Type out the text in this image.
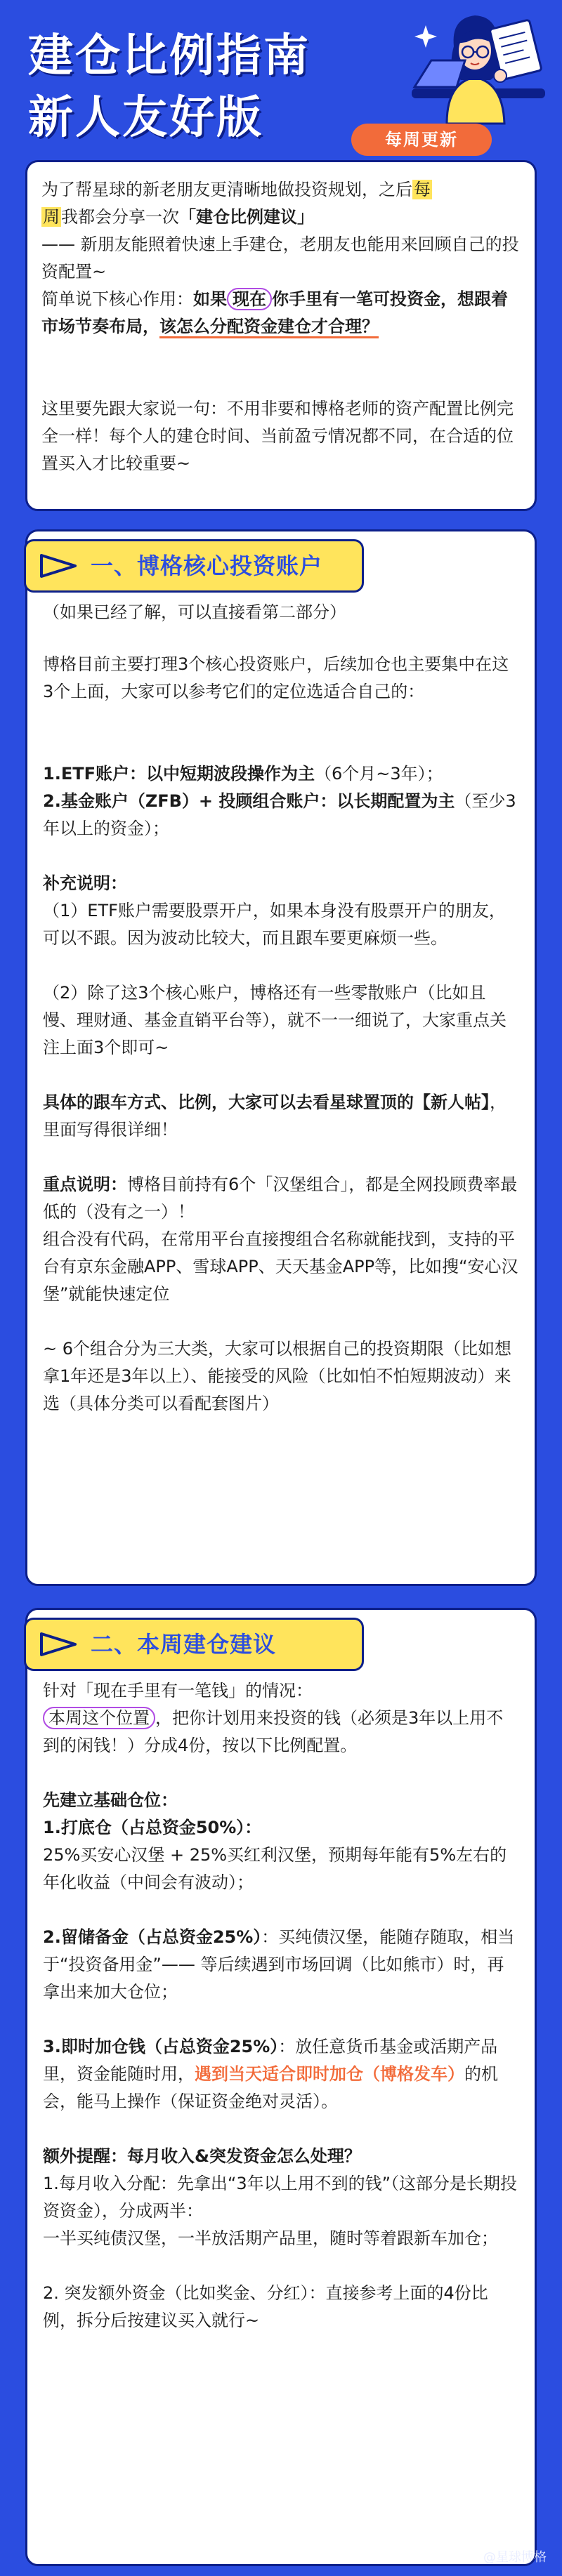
建仓比例指南
新人友好版	每周更新

为了帮星球的新老朋友更清晰地做投资规划，之后每
周我都会分享一次「建仓比例建议」

—— 新朋友能照着快速上手建仓，老朋友也能用来回顾自己的投资配置~

简单说下核心作用：如果 现在 你手里有一笔可投资金，想跟着市场节奏布局，该怎么分配资金建仓才合理？

这里要先跟大家说一句：不用非要和博格老师的资产配置比例完全一样！每个人的建仓时间、当前盈亏情况都不同，在合适的位置买入才比较重要~

（如果已经了解，可以直接看第二部分）

博格目前主要打理3个核心投资账户，后续加仓也主要集中在这3个上面，大家可以参考它们的定位选适合自己的：

1.ETF账户：以中短期波段操作为主（6个月~3年）；

2.基金账户（ZFB）+ 投顾组合账户：以长期配置为主（至少3年以上的资金）；

补充说明：

（1）ETF账户需要股票开户，如果本身没有股票开户的朋友，可以不跟。因为波动比较大，而且跟车要更麻烦一些。

（2）除了这3个核心账户，博格还有一些零散账户（比如且慢、理财通、基金直销平台等），就不一一细说了，大家重点关注上面3个即可~

具体的跟车方式、比例，大家可以去看星球置顶的【新人帖】，里面写得很详细！

重点说明：博格目前持有6个「汉堡组合」，都是全网投顾费率最低的（没有之一）！

组合没有代码，在常用平台直接搜组合名称就能找到，支持的平台有京东金融APP、雪球APP、天天基金APP等，比如搜“安心汉堡”就能快速定位

~ 6个组合分为三大类，大家可以根据自己的投资期限（比如想拿1年还是3年以上）、能接受的风险（比如怕不怕短期波动）来选（具体分类可以看配套图片）

一、博格核心投资账户

针对「现在手里有一笔钱」的情况：

本周这个位置 ，把你计划用来投资的钱（必须是3年以上用不到的闲钱！）分成4份，按以下比例配置。

先建立基础仓位：

1.打底仓（占总资金50%）：

25%买安心汉堡 + 25%买红利汉堡，预期每年能有5%左右的年化收益（中间会有波动）；

2.留储备金（占总资金25%）：买纯债汉堡，能随存随取，相当于“投资备用金”—— 等后续遇到市场回调（比如熊市）时，再拿出来加大仓位；

3.即时加仓钱（占总资金25%）：放任意货币基金或活期产品里，资金能随时用，遇到当天适合即时加仓（博格发车）的机会，能马上操作（保证资金绝对灵活）。

额外提醒：每月收入&突发资金怎么处理？

1.每月收入分配：先拿出“3年以上用不到的钱”（这部分是长期投资资金），分成两半：

一半买纯债汉堡，一半放活期产品里，随时等着跟新车加仓；

2. 突发额外资金（比如奖金、分红）：直接参考上面的4份比例，拆分后按建议买入就行~

二、本周建仓建议
@星球博格
